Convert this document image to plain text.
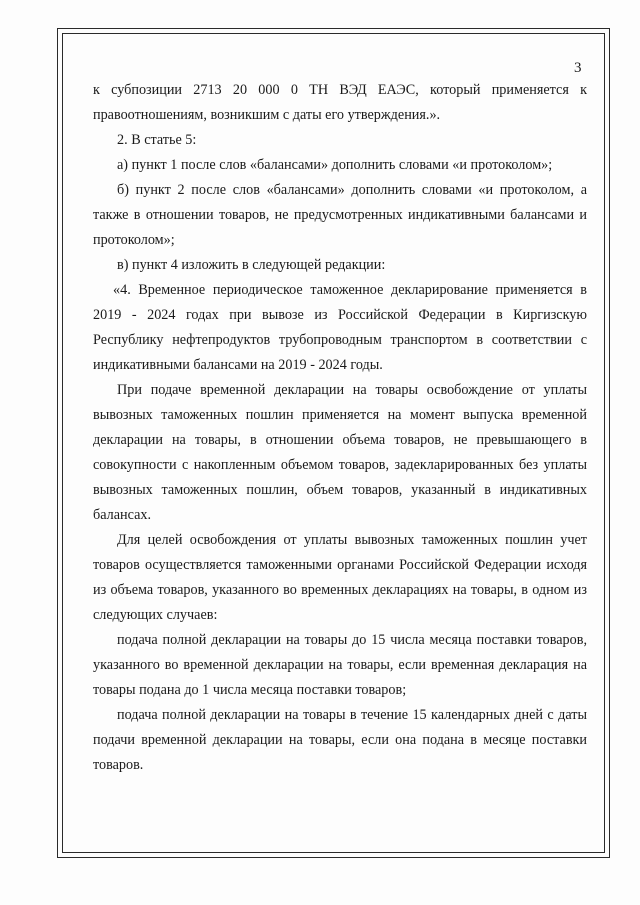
3

к субпозиции 2713 20 000 0 ТН ВЭД ЕАЭС, который применяется к правоотношениям, возникшим с даты его утверждения.».

2. В статье 5:

а) пункт 1 после слов «балансами» дополнить словами «и протоколом»;

б) пункт 2 после слов «балансами» дополнить словами «и протоколом, а также в отношении товаров, не предусмотренных индикативными балансами и протоколом»;

в) пункт 4 изложить в следующей редакции:

«4. Временное периодическое таможенное декларирование применяется в 2019 - 2024 годах при вывозе из Российской Федерации в Киргизскую Республику нефтепродуктов трубопроводным транспортом в соответствии с индикативными балансами на 2019 - 2024 годы.

При подаче временной декларации на товары освобождение от уплаты вывозных таможенных пошлин применяется на момент выпуска временной декларации на товары, в отношении объема товаров, не превышающего в совокупности с накопленным объемом товаров, задекларированных без уплаты вывозных таможенных пошлин, объем товаров, указанный в индикативных балансах.

Для целей освобождения от уплаты вывозных таможенных пошлин учет товаров осуществляется таможенными органами Российской Федерации исходя из объема товаров, указанного во временных декларациях на товары, в одном из следующих случаев:

подача полной декларации на товары до 15 числа месяца поставки товаров, указанного во временной декларации на товары, если временная декларация на товары подана до 1 числа месяца поставки товаров;

подача полной декларации на товары в течение 15 календарных дней с даты подачи временной декларации на товары, если она подана в месяце поставки товаров.
